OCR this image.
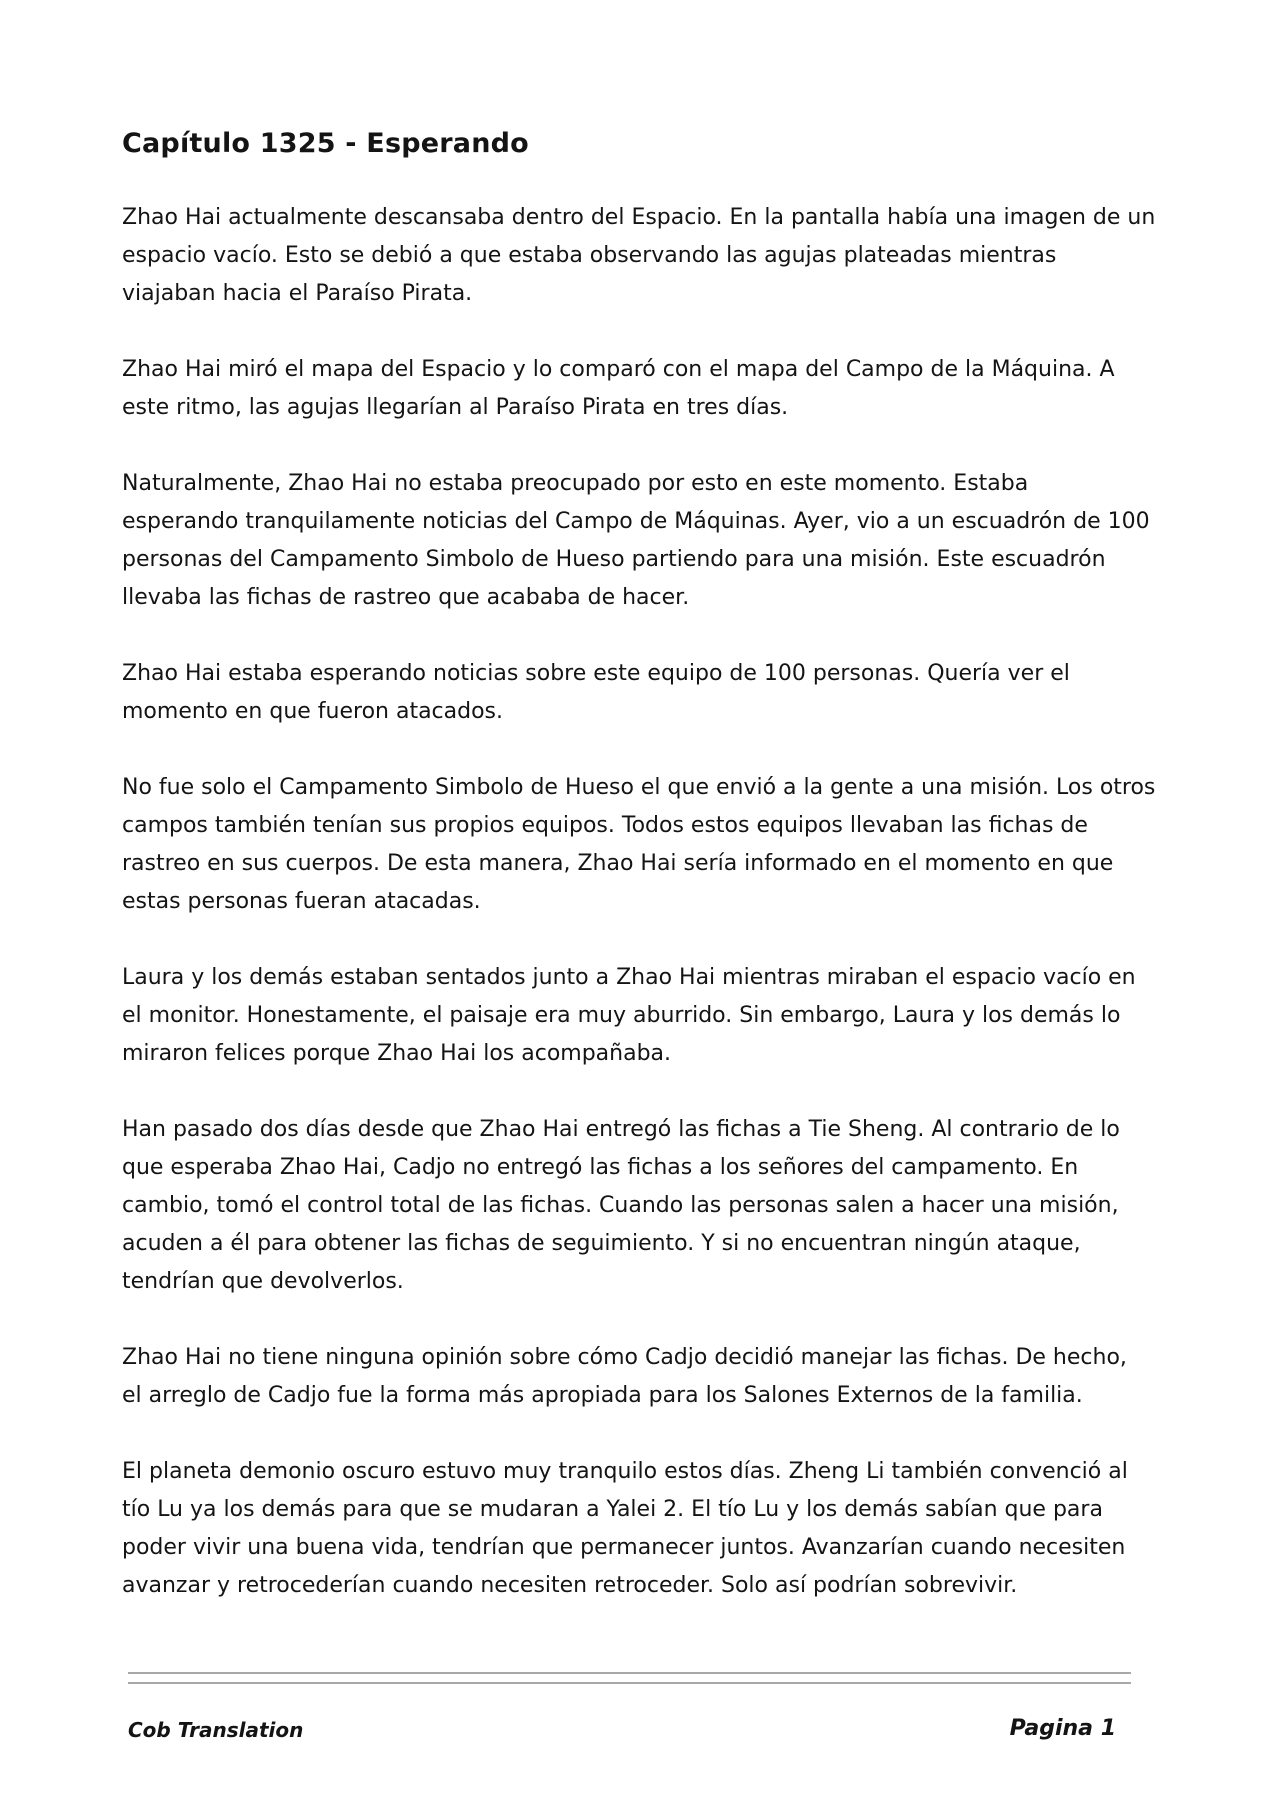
Capítulo 1325 - Esperando

Zhao Hai actualmente descansaba dentro del Espacio. En la pantalla había una imagen de un
espacio vacío. Esto se debió a que estaba observando las agujas plateadas mientras
viajaban hacia el Paraíso Pirata.

Zhao Hai miró el mapa del Espacio y lo comparó con el mapa del Campo de la Máquina. A
este ritmo, las agujas llegarían al Paraíso Pirata en tres días.

Naturalmente, Zhao Hai no estaba preocupado por esto en este momento. Estaba
esperando tranquilamente noticias del Campo de Máquinas. Ayer, vio a un escuadrón de 100
personas del Campamento Simbolo de Hueso partiendo para una misión. Este escuadrón
llevaba las fichas de rastreo que acababa de hacer.

Zhao Hai estaba esperando noticias sobre este equipo de 100 personas. Quería ver el
momento en que fueron atacados.

No fue solo el Campamento Simbolo de Hueso el que envió a la gente a una misión. Los otros
campos también tenían sus propios equipos. Todos estos equipos llevaban las fichas de
rastreo en sus cuerpos. De esta manera, Zhao Hai sería informado en el momento en que
estas personas fueran atacadas.

Laura y los demás estaban sentados junto a Zhao Hai mientras miraban el espacio vacío en
el monitor. Honestamente, el paisaje era muy aburrido. Sin embargo, Laura y los demás lo
miraron felices porque Zhao Hai los acompañaba.

Han pasado dos días desde que Zhao Hai entregó las fichas a Tie Sheng. Al contrario de lo
que esperaba Zhao Hai, Cadjo no entregó las fichas a los señores del campamento. En
cambio, tomó el control total de las fichas. Cuando las personas salen a hacer una misión,
acuden a él para obtener las fichas de seguimiento. Y si no encuentran ningún ataque,
tendrían que devolverlos.

Zhao Hai no tiene ninguna opinión sobre cómo Cadjo decidió manejar las fichas. De hecho,
el arreglo de Cadjo fue la forma más apropiada para los Salones Externos de la familia.

El planeta demonio oscuro estuvo muy tranquilo estos días. Zheng Li también convenció al
tío Lu ya los demás para que se mudaran a Yalei 2. El tío Lu y los demás sabían que para
poder vivir una buena vida, tendrían que permanecer juntos. Avanzarían cuando necesiten
avanzar y retrocederían cuando necesiten retroceder. Solo así podrían sobrevivir.

Cob Translation	Pagina 1
